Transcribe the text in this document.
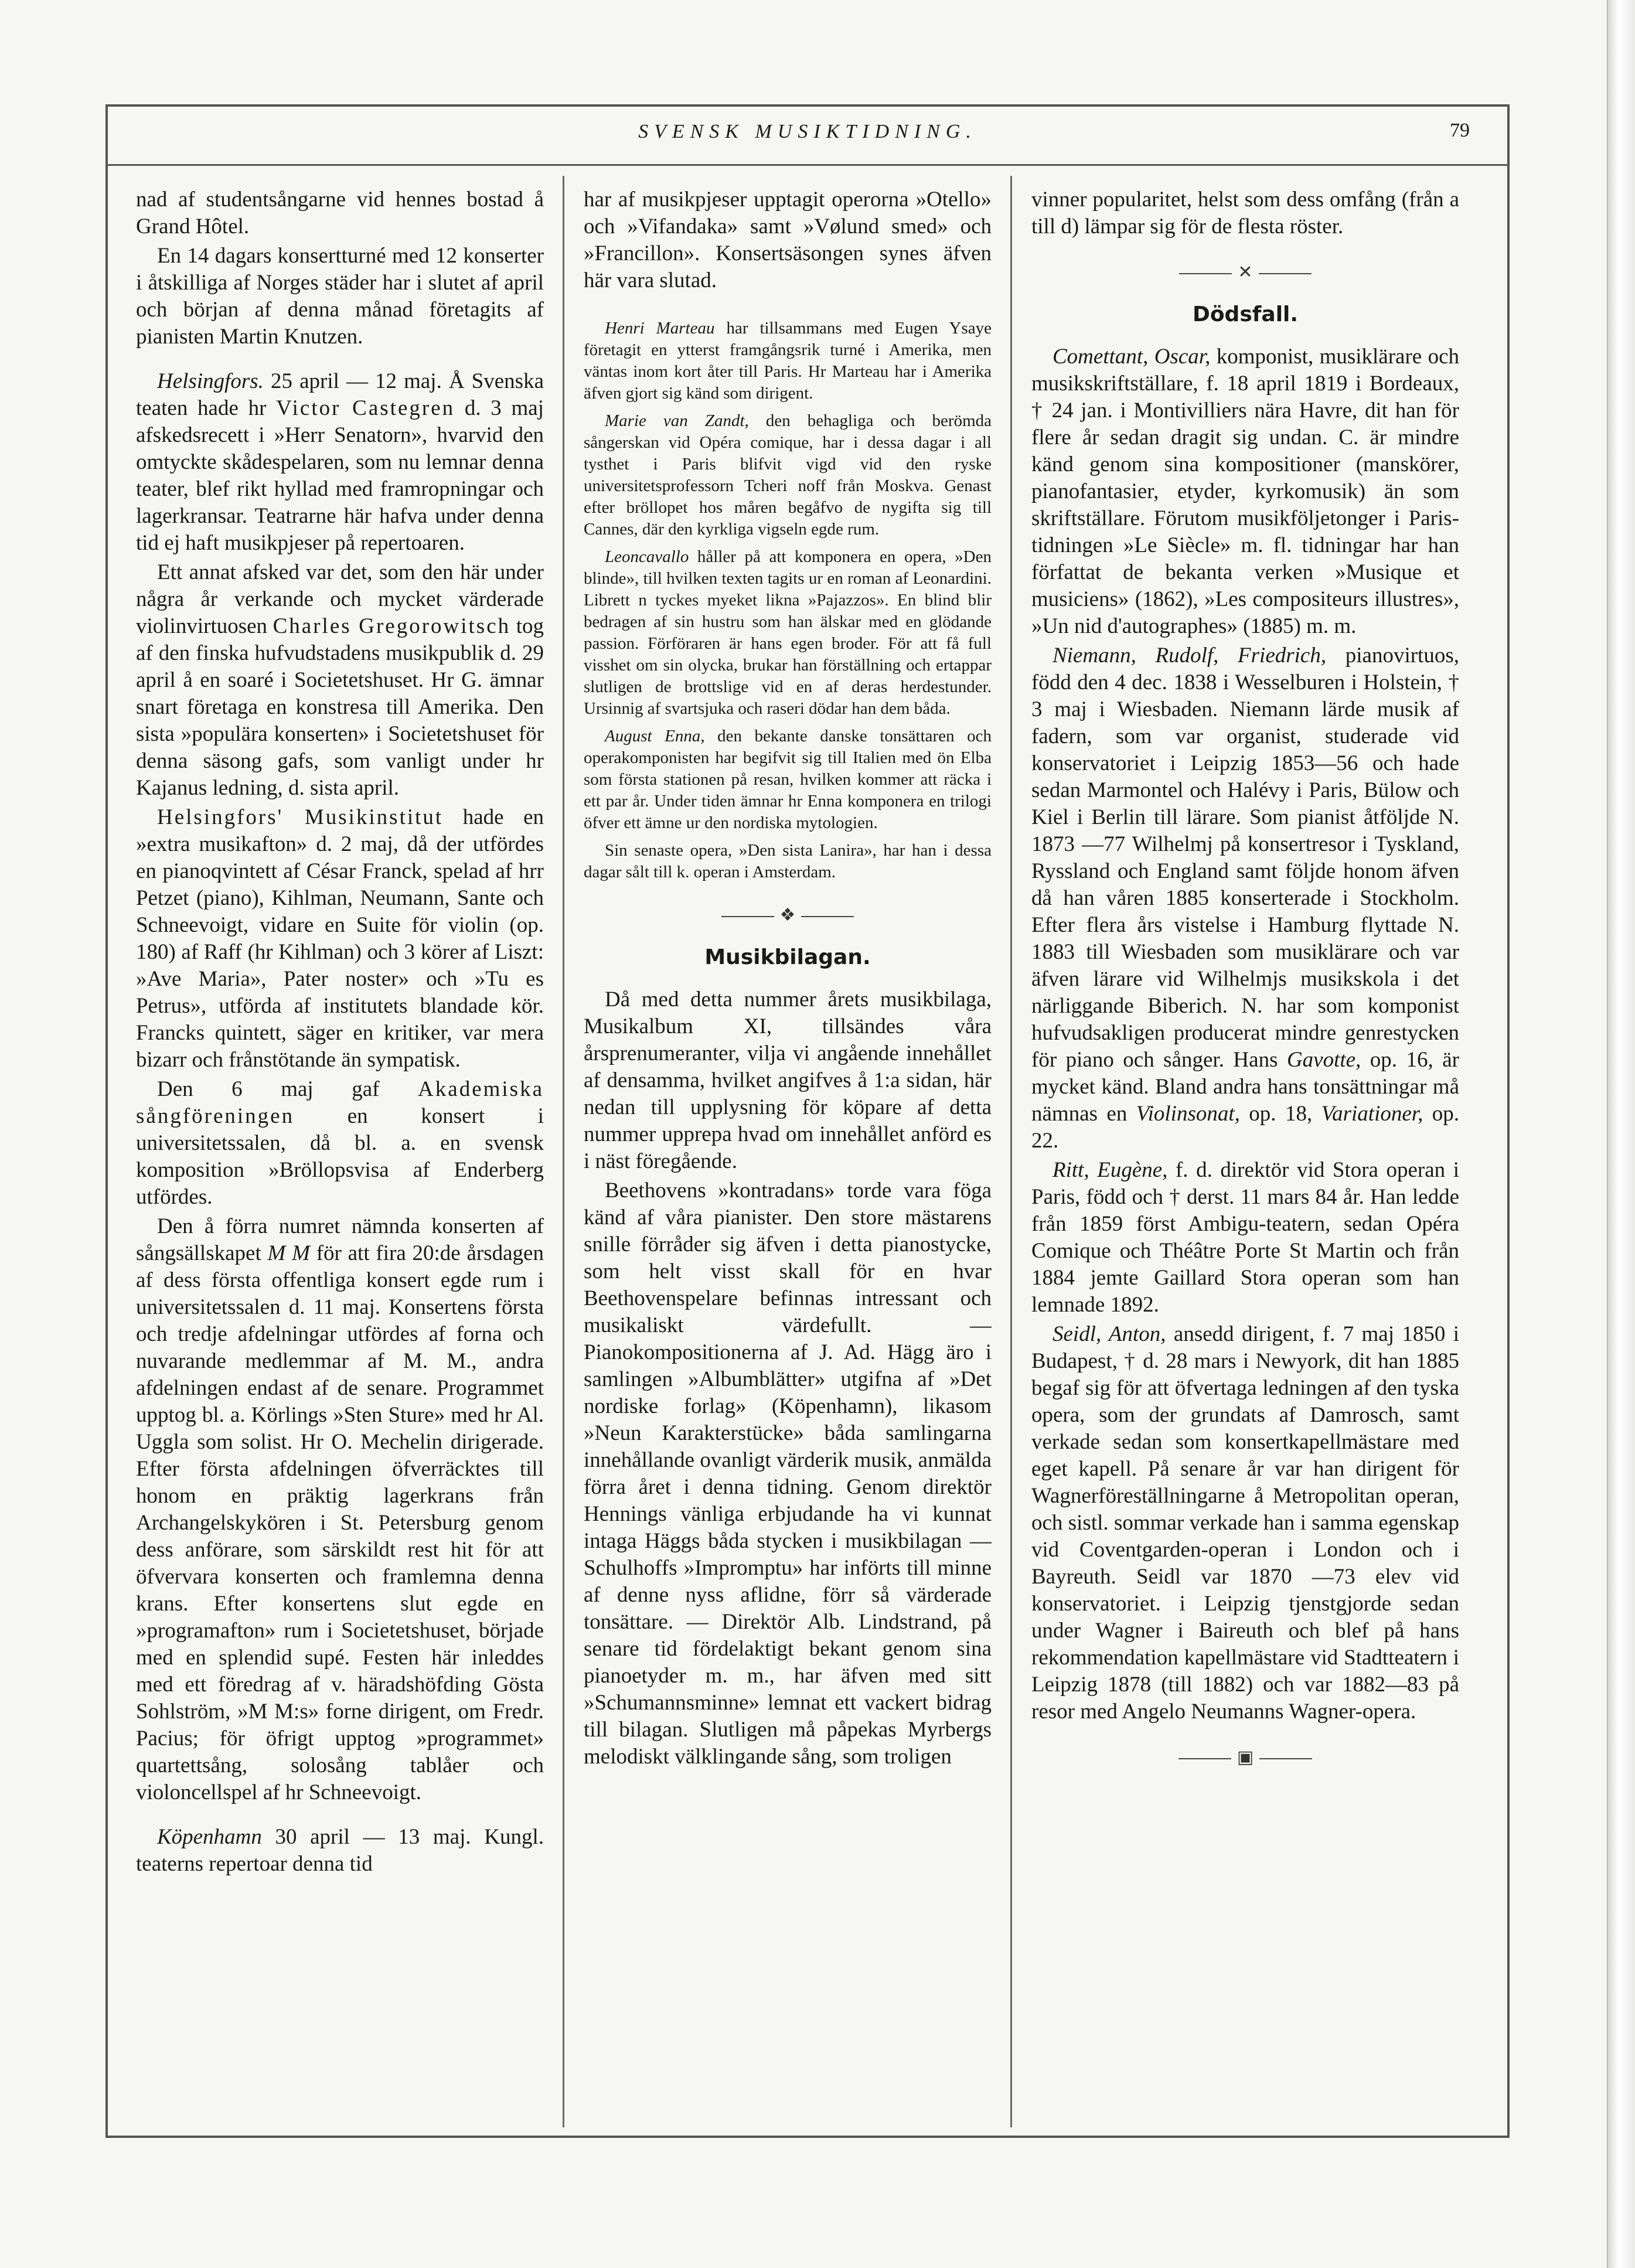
SVENSK MUSIKTIDNING.	79

nad af studentsångarne vid hennes bostad å Grand Hôtel.

En 14 dagars konsertturné med 12 konserter i åtskilliga af Norges städer har i slutet af april och början af denna månad företagits af pianisten Martin Knutzen.

Helsingfors. 25 april — 12 maj. Å Svenska teaten hade hr Victor Castegren d. 3 maj afskedsrecett i »Herr Senatorn», hvarvid den omtyckte skådespelaren, som nu lemnar denna teater, blef rikt hyllad med framropningar och lagerkransar. Teatrarne här hafva under denna tid ej haft musikpjeser på repertoaren.

Ett annat afsked var det, som den här under några år verkande och mycket värderade violinvirtuosen Charles Gregorowitsch tog af den finska hufvudstadens musikpublik d. 29 april å en soaré i Societetshuset. Hr G. ämnar snart företaga en konstresa till Amerika. Den sista »populära konserten» i Societetshuset för denna säsong gafs, som vanligt under hr Kajanus ledning, d. sista april.

Helsingfors' Musikinstitut hade en »extra musikafton» d. 2 maj, då der utfördes en pianoqvintett af César Franck, spelad af hrr Petzet (piano), Kihlman, Neumann, Sante och Schneevoigt, vidare en Suite för violin (op. 180) af Raff (hr Kihlman) och 3 körer af Liszt: »Ave Maria», Pater noster» och »Tu es Petrus», utförda af institutets blandade kör. Francks quintett, säger en kritiker, var mera bizarr och frånstötande än sympatisk.

Den 6 maj gaf Akademiska sångföreningen en konsert i universitetssalen, då bl. a. en svensk komposition »Bröllopsvisa af Enderberg utfördes.

Den å förra numret nämnda konserten af sångsällskapet M M för att fira 20:de årsdagen af dess första offentliga konsert egde rum i universitetssalen d. 11 maj. Konsertens första och tredje afdelningar utfördes af forna och nuvarande medlemmar af M. M., andra afdelningen endast af de senare. Programmet upptog bl. a. Körlings »Sten Sture» med hr Al. Uggla som solist. Hr O. Mechelin dirigerade. Efter första afdelningen öfverräcktes till honom en präktig lagerkrans från Archangelskykören i St. Petersburg genom dess anförare, som särskildt rest hit för att öfvervara konserten och framlemna denna krans. Efter konsertens slut egde en »programafton» rum i Societetshuset, började med en splendid supé. Festen här inleddes med ett föredrag af v. häradshöfding Gösta Sohlström, »M M:s» forne dirigent, om Fredr. Pacius; för öfrigt upptog »programmet» quartettsång, solosång tablåer och violoncellspel af hr Schneevoigt.

Köpenhamn 30 april — 13 maj. Kungl. teaterns repertoar denna tid

har af musikpjeser upptagit operorna »Otello» och »Vifandaka» samt »Vølund smed» och »Francillon». Konsertsäsongen synes äfven här vara slutad.

Henri Marteau har tillsammans med Eugen Ysaye företagit en ytterst framgångsrik turné i Amerika, men väntas inom kort åter till Paris. Hr Marteau har i Amerika äfven gjort sig känd som dirigent.

Marie van Zandt, den behagliga och berömda sångerskan vid Opéra comique, har i dessa dagar i all tysthet i Paris blifvit vigd vid den ryske universitetsprofessorn Tcheri noff från Moskva. Genast efter bröllopet hos måren begåfvo de nygifta sig till Cannes, där den kyrkliga vigseln egde rum.

Leoncavallo håller på att komponera en opera, »Den blinde», till hvilken texten tagits ur en roman af Leonardini. Librett n tyckes myeket likna »Pajazzos». En blind blir bedragen af sin hustru som han älskar med en glödande passion. Förföraren är hans egen broder. För att få full visshet om sin olycka, brukar han förställning och ertappar slutligen de brottslige vid en af deras herdestunder. Ursinnig af svartsjuka och raseri dödar han dem båda.

August Enna, den bekante danske tonsättaren och operakomponisten har begifvit sig till Italien med ön Elba som första stationen på resan, hvilken kommer att räcka i ett par år. Under tiden ämnar hr Enna komponera en trilogi öfver ett ämne ur den nordiska mytologien.

Sin senaste opera, »Den sista Lanira», har han i dessa dagar sålt till k. operan i Amsterdam.

❖
Musikbilagan.

Då med detta nummer årets musikbilaga, Musikalbum XI, tillsändes våra årsprenumeranter, vilja vi angående innehållet af densamma, hvilket angifves å 1:a sidan, här nedan till upplysning för köpare af detta nummer upprepa hvad om innehållet anförd es i näst föregående.

Beethovens »kontradans» torde vara föga känd af våra pianister. Den store mästarens snille förråder sig äfven i detta pianostycke, som helt visst skall för en hvar Beethovenspelare befinnas intressant och musikaliskt värdefullt. — Pianokompositionerna af J. Ad. Hägg äro i samlingen »Albumblätter» utgifna af »Det nordiske forlag» (Köpenhamn), likasom »Neun Karakterstücke» båda samlingarna innehållande ovanligt värderik musik, anmälda förra året i denna tidning. Genom direktör Hennings vänliga erbjudande ha vi kunnat intaga Häggs båda stycken i musikbilagan — Schulhoffs »Impromptu» har införts till minne af denne nyss aflidne, förr så värderade tonsättare. — Direktör Alb. Lindstrand, på senare tid fördelaktigt bekant genom sina pianoetyder m. m., har äfven med sitt »Schumannsminne» lemnat ett vackert bidrag till bilagan. Slutligen må påpekas Myrbergs melodiskt välklingande sång, som troligen

vinner popularitet, helst som dess omfång (från a till d) lämpar sig för de flesta röster.

✕
Dödsfall.

Comettant, Oscar, komponist, musiklärare och musikskriftställare, f. 18 april 1819 i Bordeaux, † 24 jan. i Montivilliers nära Havre, dit han för flere år sedan dragit sig undan. C. är mindre känd genom sina kompositioner (manskörer, pianofantasier, etyder, kyrkomusik) än som skriftställare. Förutom musikföljetonger i Paris-tidningen »Le Siècle» m. fl. tidningar har han författat de bekanta verken »Musique et musiciens» (1862), »Les compositeurs illustres», »Un nid d'autographes» (1885) m. m.

Niemann, Rudolf, Friedrich, pianovirtuos, född den 4 dec. 1838 i Wesselburen i Holstein, † 3 maj i Wiesbaden. Niemann lärde musik af fadern, som var organist, studerade vid konservatoriet i Leipzig 1853—56 och hade sedan Marmontel och Halévy i Paris, Bülow och Kiel i Berlin till lärare. Som pianist åtföljde N. 1873 —77 Wilhelmj på konsertresor i Tyskland, Ryssland och England samt följde honom äfven då han våren 1885 konserterade i Stockholm. Efter flera års vistelse i Hamburg flyttade N. 1883 till Wiesbaden som musiklärare och var äfven lärare vid Wilhelmjs musikskola i det närliggande Biberich. N. har som komponist hufvudsakligen producerat mindre genrestycken för piano och sånger. Hans Gavotte, op. 16, är mycket känd. Bland andra hans tonsättningar må nämnas en Violinsonat, op. 18, Variationer, op. 22.

Ritt, Eugène, f. d. direktör vid Stora operan i Paris, född och † derst. 11 mars 84 år. Han ledde från 1859 först Ambigu-teatern, sedan Opéra Comique och Théâtre Porte St Martin och från 1884 jemte Gaillard Stora operan som han lemnade 1892.

Seidl, Anton, ansedd dirigent, f. 7 maj 1850 i Budapest, † d. 28 mars i Newyork, dit han 1885 begaf sig för att öfvertaga ledningen af den tyska opera, som der grundats af Damrosch, samt verkade sedan som konsertkapellmästare med eget kapell. På senare år var han dirigent för Wagnerföreställningarne å Metropolitan operan, och sistl. sommar verkade han i samma egenskap vid Coventgarden-operan i London och i Bayreuth. Seidl var 1870 —73 elev vid konservatoriet. i Leipzig tjenstgjorde sedan under Wagner i Baireuth och blef på hans rekommendation kapellmästare vid Stadtteatern i Leipzig 1878 (till 1882) och var 1882—83 på resor med Angelo Neumanns Wagner-opera.

▣
